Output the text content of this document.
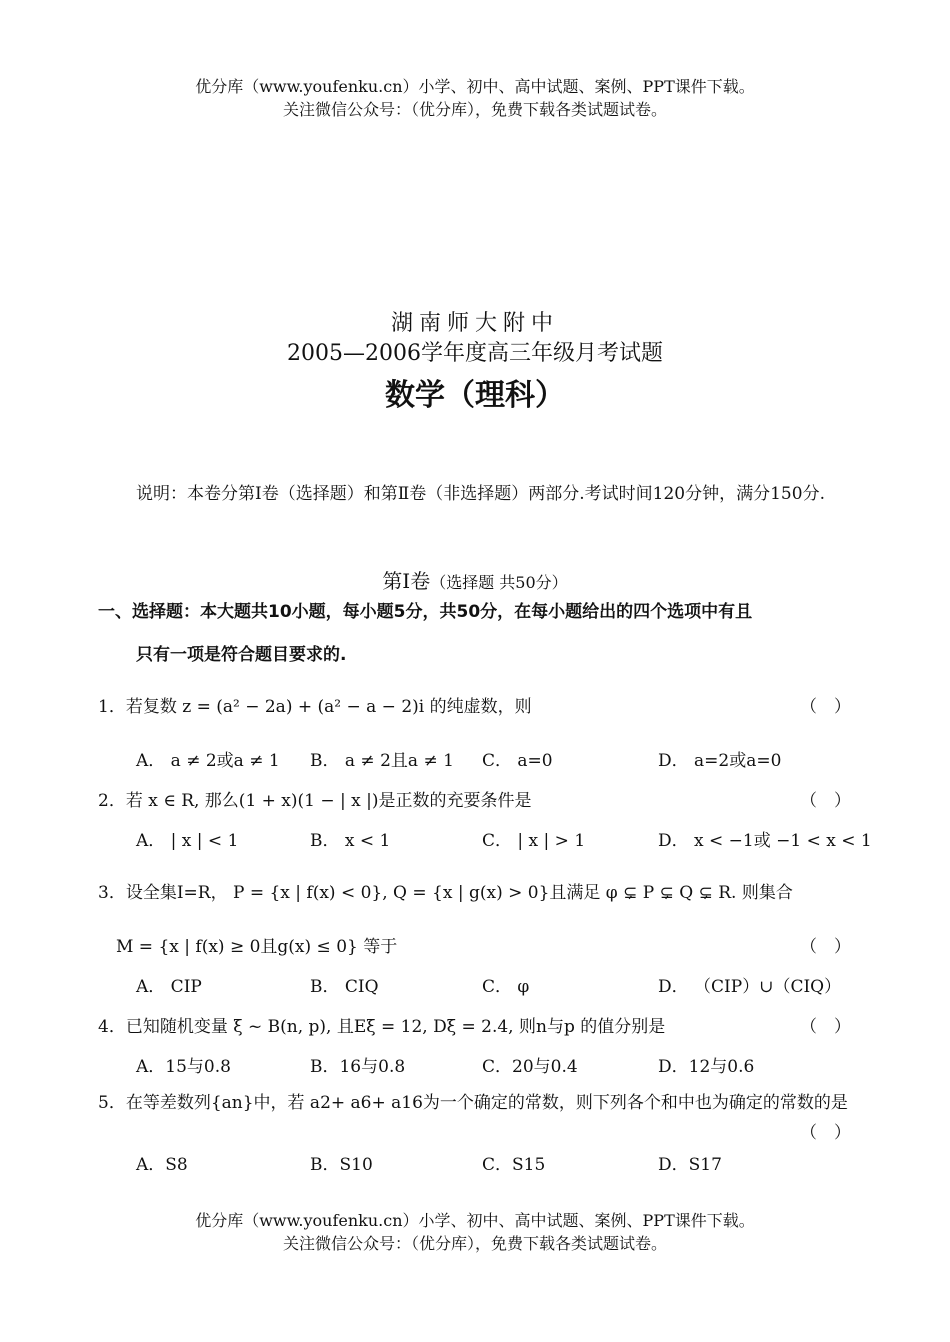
优分库（www.youfenku.cn）小学、初中、高中试题、案例、PPT课件下载。
关注微信公众号：（优分库），免费下载各类试题试卷。
湖南师大附中
2005—2006学年度高三年级月考试题
数学（理科）
说明：本卷分第Ⅰ卷（选择题）和第Ⅱ卷（非选择题）两部分.考试时间120分钟，满分150分.
第Ⅰ卷（选择题 共50分）
一、选择题：本大题共10小题，每小题5分，共50分，在每小题给出的四个选项中有且
只有一项是符合题目要求的.
1．若复数 z = (a² − 2a) + (a² − a − 2)i 的纯虚数，则	（　）
A． a ≠ 2或a ≠ 1 B． a ≠ 2且a ≠ 1 C． a=0	D． a=2或a=0
2．若 x ∈ R, 那么(1 + x)(1 − | x |)是正数的充要条件是	（　）
A． | x | < 1	B． x < 1	C． | x | > 1	D． x < −1或 −1 < x < 1
3．设全集I=R， P = {x | f(x) < 0}, Q = {x | g(x) > 0}且满足 φ ⊊ P ⊊ Q ⊊ R. 则集合
M = {x | f(x) ≥ 0且g(x) ≤ 0} 等于	（　）
A． CIP	B． CIQ	C． φ	D． （CIP）∪（CIQ）
4．已知随机变量 ξ ~ B(n, p), 且Eξ = 12, Dξ = 2.4, 则n与p 的值分别是	（　）
A．15与0.8	B．16与0.8	C．20与0.4	D．12与0.6
5．在等差数列{an}中，若 a2+ a6+ a16为一个确定的常数，则下列各个和中也为确定的常数的是
（　）
A．S8	B．S10	C．S15	D．S17
优分库（www.youfenku.cn）小学、初中、高中试题、案例、PPT课件下载。
关注微信公众号：（优分库），免费下载各类试题试卷。
